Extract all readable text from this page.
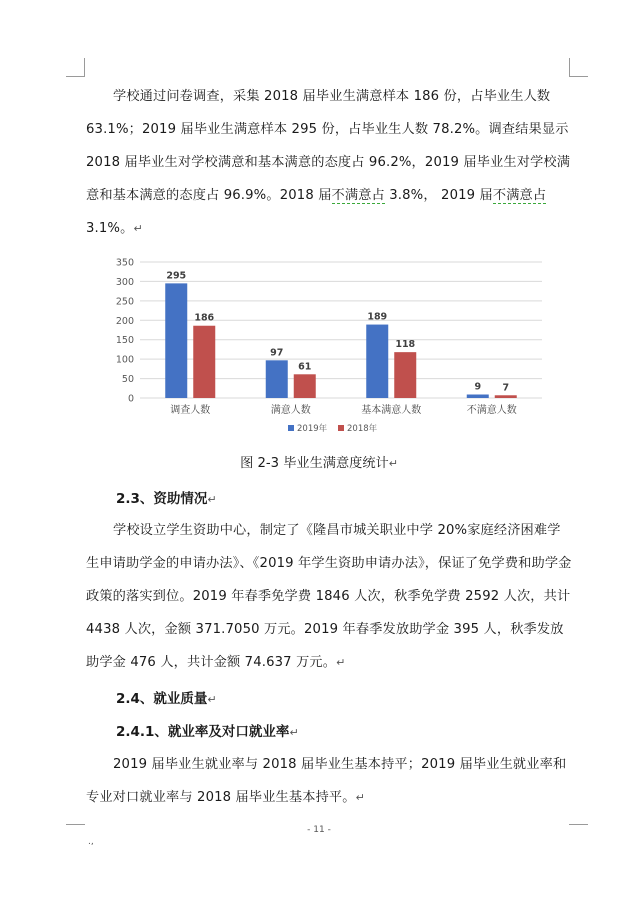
学校通过问卷调查，采集 2018 届毕业生满意样本 186 份，占毕业生人数 63.1%；2019 届毕业生满意样本 295 份，占毕业生人数 78.2%。调查结果显示 2018 届毕业生对学校满意和基本满意的态度占 96.2%，2019 届毕业生对学校满意和基本满意的态度占 96.9%。2018 届不满意占 3.8%， 2019 届不满意占 3.1%。↵

0
50
100
150
200
250
300
350
295
186
调查人数
97
61
满意人数
189
118
基本满意人数
9 7
不满意人数
2019年 2018年
图 2-3 毕业生满意度统计↵

2.3、资助情况↵

学校设立学生资助中心，制定了《隆昌市城关职业中学 20%家庭经济困难学生申请助学金的申请办法》、《2019 年学生资助申请办法》，保证了免学费和助学金政策的落实到位。2019 年春季免学费 1846 人次，秋季免学费 2592 人次，共计 4438 人次，金额 371.7050 万元。2019 年春季发放助学金 395 人，秋季发放助学金 476 人，共计金额 74.637 万元。↵

2.4、就业质量↵

2.4.1、就业率及对口就业率↵

2019 届毕业生就业率与 2018 届毕业生基本持平；2019 届毕业生就业率和专业对口就业率与 2018 届毕业生基本持平。↵

- 11 -
.,
